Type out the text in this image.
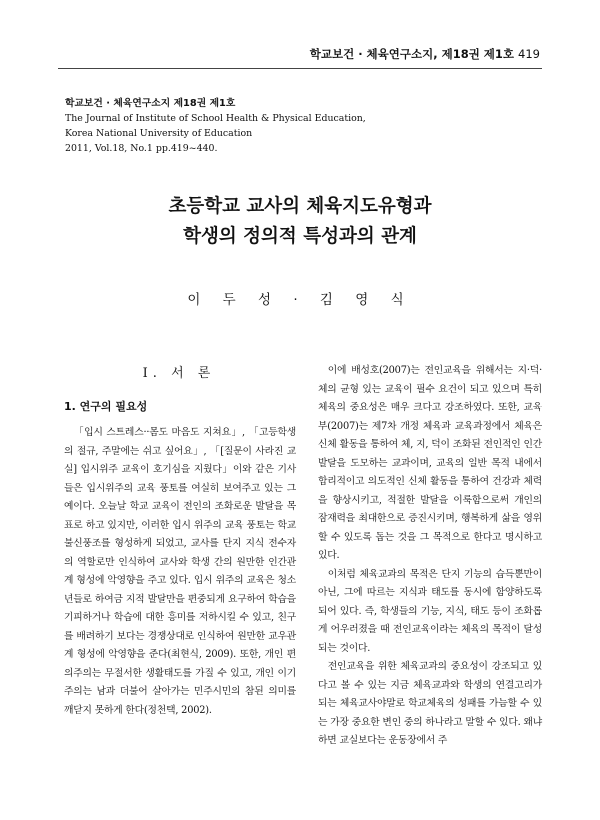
학교보건 · 체육연구소지, 제18권 제1호 419
학교보건 · 체육연구소지 제18권 제1호
The Journal of Institute of School Health & Physical Education,
Korea National University of Education
2011, Vol.18, No.1 pp.419~440.
초등학교 교사의 체육지도유형과
학생의 정의적 특성과의 관계
이 두 성 · 김 영 식
Ⅰ. 서 론
1. 연구의 필요성

「입시 스트레스··몸도 마음도 지쳐요」, 「고등학생의 절규, 주말에는 쉬고 싶어요」, 「[질문이 사라진 교실] 입시위주 교육이 호기심을 지웠다」이와 같은 기사 들은 입시위주의 교육 풍토를 여실히 보여주고 있는 그 예이다. 오늘날 학교 교육이 전인의 조화로운 발달을 목표로 하고 있지만, 이러한 입시 위주의 교육 풍토는 학교 불신풍조를 형성하게 되었고, 교사를 단지 지식 전수자의 역할로만 인식하여 교사와 학생 간의 원만한 인간관계 형성에 악영향을 주고 있다. 입시 위주의 교육은 청소년들로 하여금 지적 발달만을 편중되게 요구하여 학습을 기피하거나 학습에 대한 흥미를 저하시킬 수 있고, 친구를 배려하기 보다는 경쟁상대로 인식하여 원만한 교우관계 형성에 악영향을 준다(최현식, 2009). 또한, 개인 편의주의는 무절서한 생활태도를 가질 수 있고, 개인 이기주의는 남과 더불어 살아가는 민주시민의 참된 의미를 깨닫지 못하게 한다(정천택, 2002).

이에 배성호(2007)는 전인교육을 위해서는 지·덕·체의 균형 있는 교육이 필수 요건이 되고 있으며 특히 체육의 중요성은 매우 크다고 강조하였다. 또한, 교육부(2007)는 제7차 개정 체육과 교육과정에서 체육은 신체 활동을 통하여 체, 지, 덕이 조화된 전인적인 인간 발달을 도모하는 교과이며, 교육의 일반 목적 내에서 합리적이고 의도적인 신체 활동을 통하여 건강과 체력을 향상시키고, 적절한 발달을 이룩함으로써 개인의 잠재력을 최대한으로 증진시키며, 행복하게 삶을 영위할 수 있도록 돕는 것을 그 목적으로 한다고 명시하고 있다.

이처럼 체육교과의 목적은 단지 기능의 습득뿐만이 아닌, 그에 따르는 지식과 태도를 동시에 함양하도록 되어 있다. 즉, 학생들의 기능, 지식, 태도 등이 조화롭게 어우러졌을 때 전인교육이라는 체육의 목적이 달성되는 것이다.

전인교육을 위한 체육교과의 중요성이 강조되고 있다고 볼 수 있는 지금 체육교과와 학생의 연결고리가 되는 체육교사야말로 학교체육의 성패를 가늠할 수 있는 가장 중요한 변인 중의 하나라고 말할 수 있다. 왜냐하면 교실보다는 운동장에서 주
